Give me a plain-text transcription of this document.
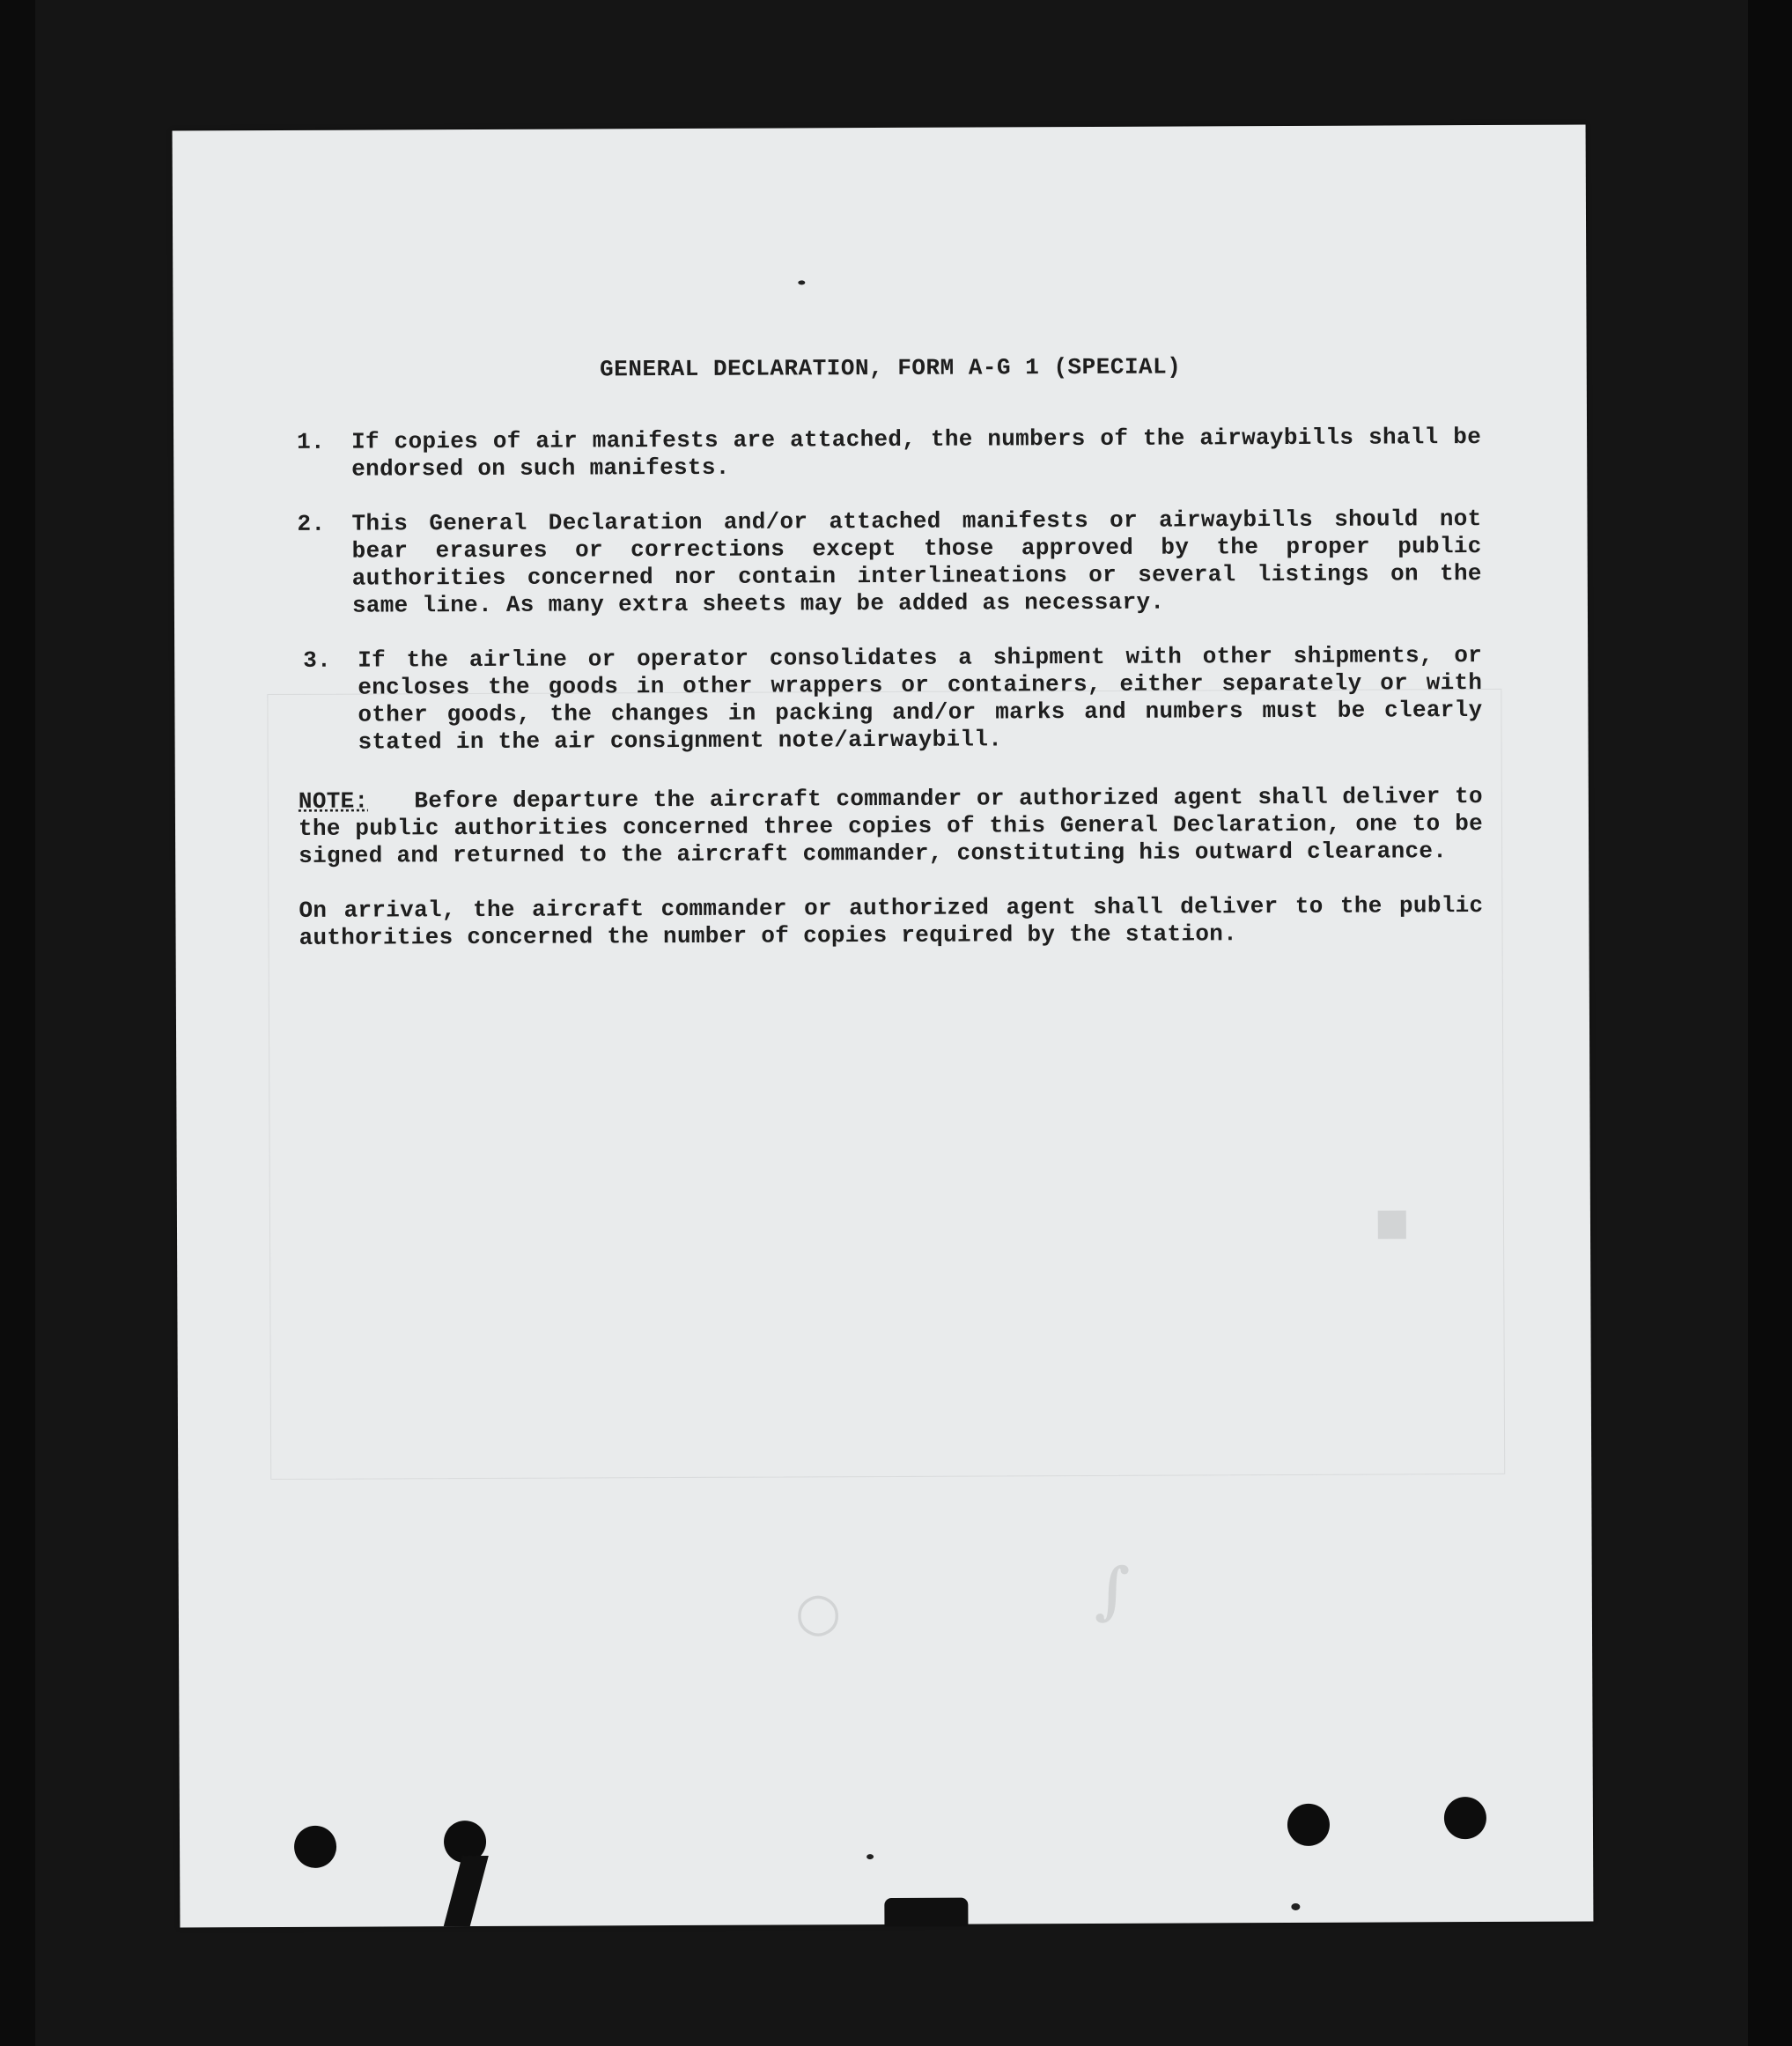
■
○	∫
GENERAL DECLARATION, FORM A-G 1 (SPECIAL)
1.	If copies of air manifests are attached, the numbers of the airwaybills shall be endorsed on such manifests.
2.	This General Declaration and/or attached manifests or airwaybills should not bear erasures or corrections except those approved by the proper public authorities concerned nor contain interlineations or several listings on the same line. As many extra sheets may be added as necessary.
3.	If the airline or operator consolidates a shipment with other shipments, or encloses the goods in other wrappers or containers, either separately or with other goods, the changes in packing and/or marks and numbers must be clearly stated in the air consignment note/airwaybill.
NOTE: Before departure the aircraft commander or authorized agent shall deliver to the public authorities concerned three copies of this General Declaration, one to be signed and returned to the aircraft commander, constituting his outward clearance.
On arrival, the aircraft commander or authorized agent shall deliver to the public authorities concerned the number of copies required by the station.
